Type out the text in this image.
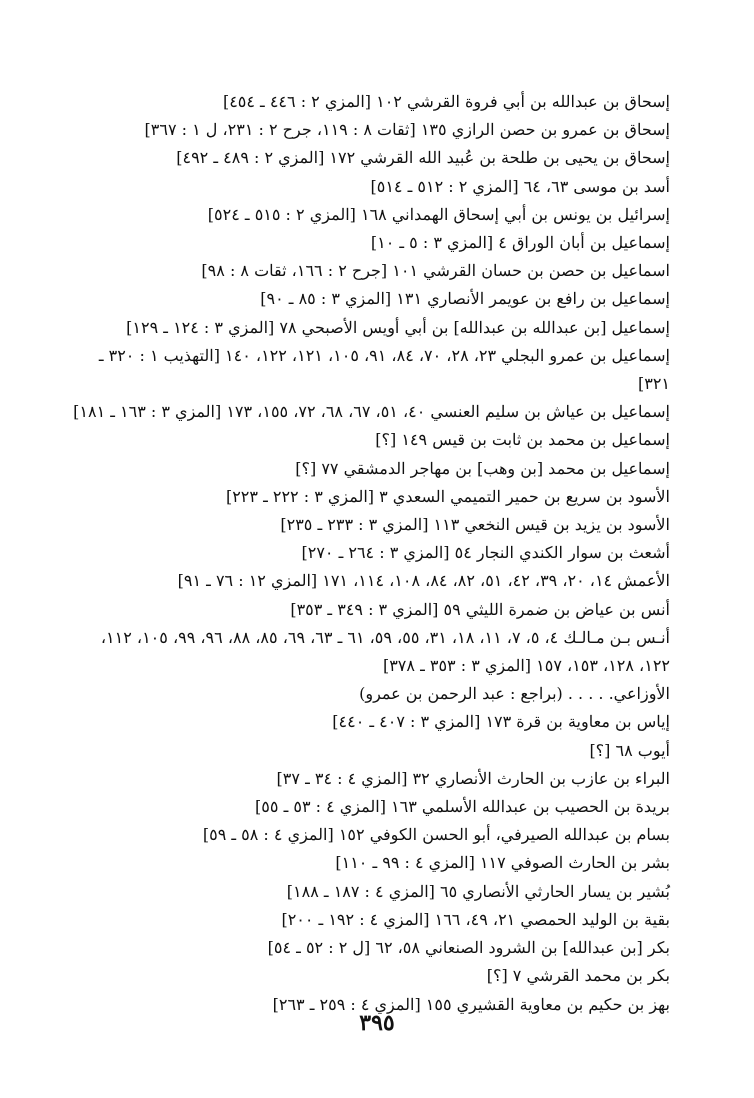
إسحاق بن عبدالله بن أبي فروة القرشي ١٠٢ [المزي ٢ : ٤٤٦ ـ ٤٥٤]
إسحاق بن عمرو بن حصن الرازي ١٣٥ [ثقات ٨ : ١١٩، جرح ٢ : ٢٣١، ل ١ : ٣٦٧]
إسحاق بن يحيى بن طلحة بن عُبيد الله القرشي ١٧٢ [المزي ٢ : ٤٨٩ ـ ٤٩٢]
أسد بن موسى ٦٣، ٦٤ [المزي ٢ : ٥١٢ ـ ٥١٤]
إسرائيل بن يونس بن أبي إسحاق الهمداني ١٦٨ [المزي ٢ : ٥١٥ ـ ٥٢٤]
إسماعيل بن أبان الوراق ٤ [المزي ٣ : ٥ ـ ١٠]
اسماعيل بن حصن بن حسان القرشي ١٠١ [جرح ٢ : ١٦٦، ثقات ٨ : ٩٨]
إسماعيل بن رافع بن عويمر الأنصاري ١٣١ [المزي ٣ : ٨٥ ـ ٩٠]
إسماعيل [بن عبدالله بن عبدالله] بن أبي أويس الأصبحي ٧٨ [المزي ٣ : ١٢٤ ـ ١٢٩]
إسماعيل بن عمرو البجلي ٢٣، ٢٨، ٧٠، ٨٤، ٩١، ١٠٥، ١٢١، ١٢٢، ١٤٠ [التهذيب ١ : ٣٢٠ ـ ٣٢١]
إسماعيل بن عياش بن سليم العنسي ٤٠، ٥١، ٦٧، ٦٨، ٧٢، ١٥٥، ١٧٣ [المزي ٣ : ١٦٣ ـ ١٨١]
إسماعيل بن محمد بن ثابت بن قيس ١٤٩ [؟]
إسماعيل بن محمد [بن وهب] بن مهاجر الدمشقي ٧٧ [؟]
الأسود بن سريع بن حمير التميمي السعدي ٣ [المزي ٣ : ٢٢٢ ـ ٢٢٣]
الأسود بن يزيد بن قيس النخعي ١١٣ [المزي ٣ : ٢٣٣ ـ ٢٣٥]
أشعث بن سوار الكندي النجار ٥٤ [المزي ٣ : ٢٦٤ ـ ٢٧٠]
الأعمش ١٤، ٢٠، ٣٩، ٤٢، ٥١، ٨٢، ٨٤، ١٠٨، ١١٤، ١٧١ [المزي ١٢ : ٧٦ ـ ٩١]
أنس بن عياض بن ضمرة الليثي ٥٩ [المزي ٣ : ٣٤٩ ـ ٣٥٣]
أنـس بـن مـالـك ٤، ٥، ٧، ١١، ١٨، ٣١، ٥٥، ٥٩، ٦١ ـ ٦٣، ٦٩، ٨٥، ٨٨، ٩٦، ٩٩، ١٠٥، ١١٢، ١٢٢، ١٢٨، ١٥٣، ١٥٧ [المزي ٣ : ٣٥٣ ـ ٣٧٨]
الأوزاعي. . . . . (براجع : عبد الرحمن بن عمرو)
إياس بن معاوية بن قرة ١٧٣ [المزي ٣ : ٤٠٧ ـ ٤٤٠]
أيوب ٦٨ [؟]
البراء بن عازب بن الحارث الأنصاري ٣٢ [المزي ٤ : ٣٤ ـ ٣٧]
بريدة بن الحصيب بن عبدالله الأسلمي ١٦٣ [المزي ٤ : ٥٣ ـ ٥٥]
بسام بن عبدالله الصيرفي، أبو الحسن الكوفي ١٥٢ [المزي ٤ : ٥٨ ـ ٥٩]
بشر بن الحارث الصوفي ١١٧ [المزي ٤ : ٩٩ ـ ١١٠]
بُشير بن يسار الحارثي الأنصاري ٦٥ [المزي ٤ : ١٨٧ ـ ١٨٨]
بقية بن الوليد الحمصي ٢١، ٤٩، ١٦٦ [المزي ٤ : ١٩٢ ـ ٢٠٠]
بكر [بن عبدالله] بن الشرود الصنعاني ٥٨، ٦٢ [ل ٢ : ٥٢ ـ ٥٤]
بكر بن محمد القرشي ٧ [؟]
بهز بن حكيم بن معاوية القشيري ١٥٥ [المزي ٤ : ٢٥٩ ـ ٢٦٣]
٣٩٥
